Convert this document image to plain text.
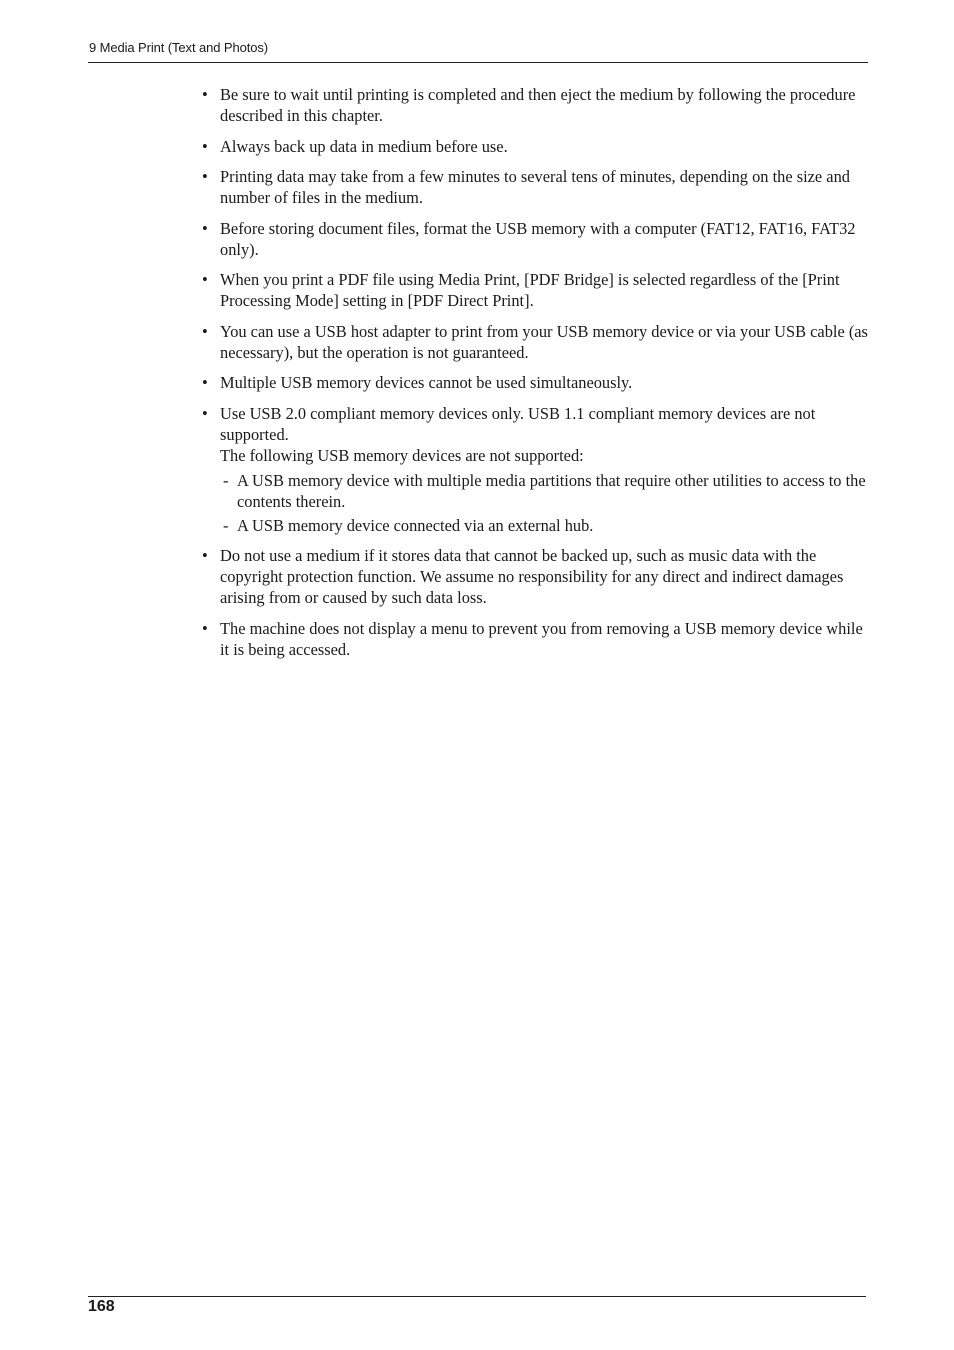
9 Media Print (Text and Photos)
• Be sure to wait until printing is completed and then eject the medium by following the procedure described in this chapter.
• Always back up data in medium before use.
• Printing data may take from a few minutes to several tens of minutes, depending on the size and number of files in the medium.
• Before storing document files, format the USB memory with a computer (FAT12, FAT16, FAT32 only).
• When you print a PDF file using Media Print, [PDF Bridge] is selected regardless of the [Print Processing Mode] setting in [PDF Direct Print].
• You can use a USB host adapter to print from your USB memory device or via your USB cable (as necessary), but the operation is not guaranteed.
• Multiple USB memory devices cannot be used simultaneously.
• Use USB 2.0 compliant memory devices only. USB 1.1 compliant memory devices are not supported.
The following USB memory devices are not supported:
- A USB memory device with multiple media partitions that require other utilities to access to the contents therein.
- A USB memory device connected via an external hub.
• Do not use a medium if it stores data that cannot be backed up, such as music data with the copyright protection function. We assume no responsibility for any direct and indirect damages arising from or caused by such data loss.
• The machine does not display a menu to prevent you from removing a USB memory device while it is being accessed.
168
